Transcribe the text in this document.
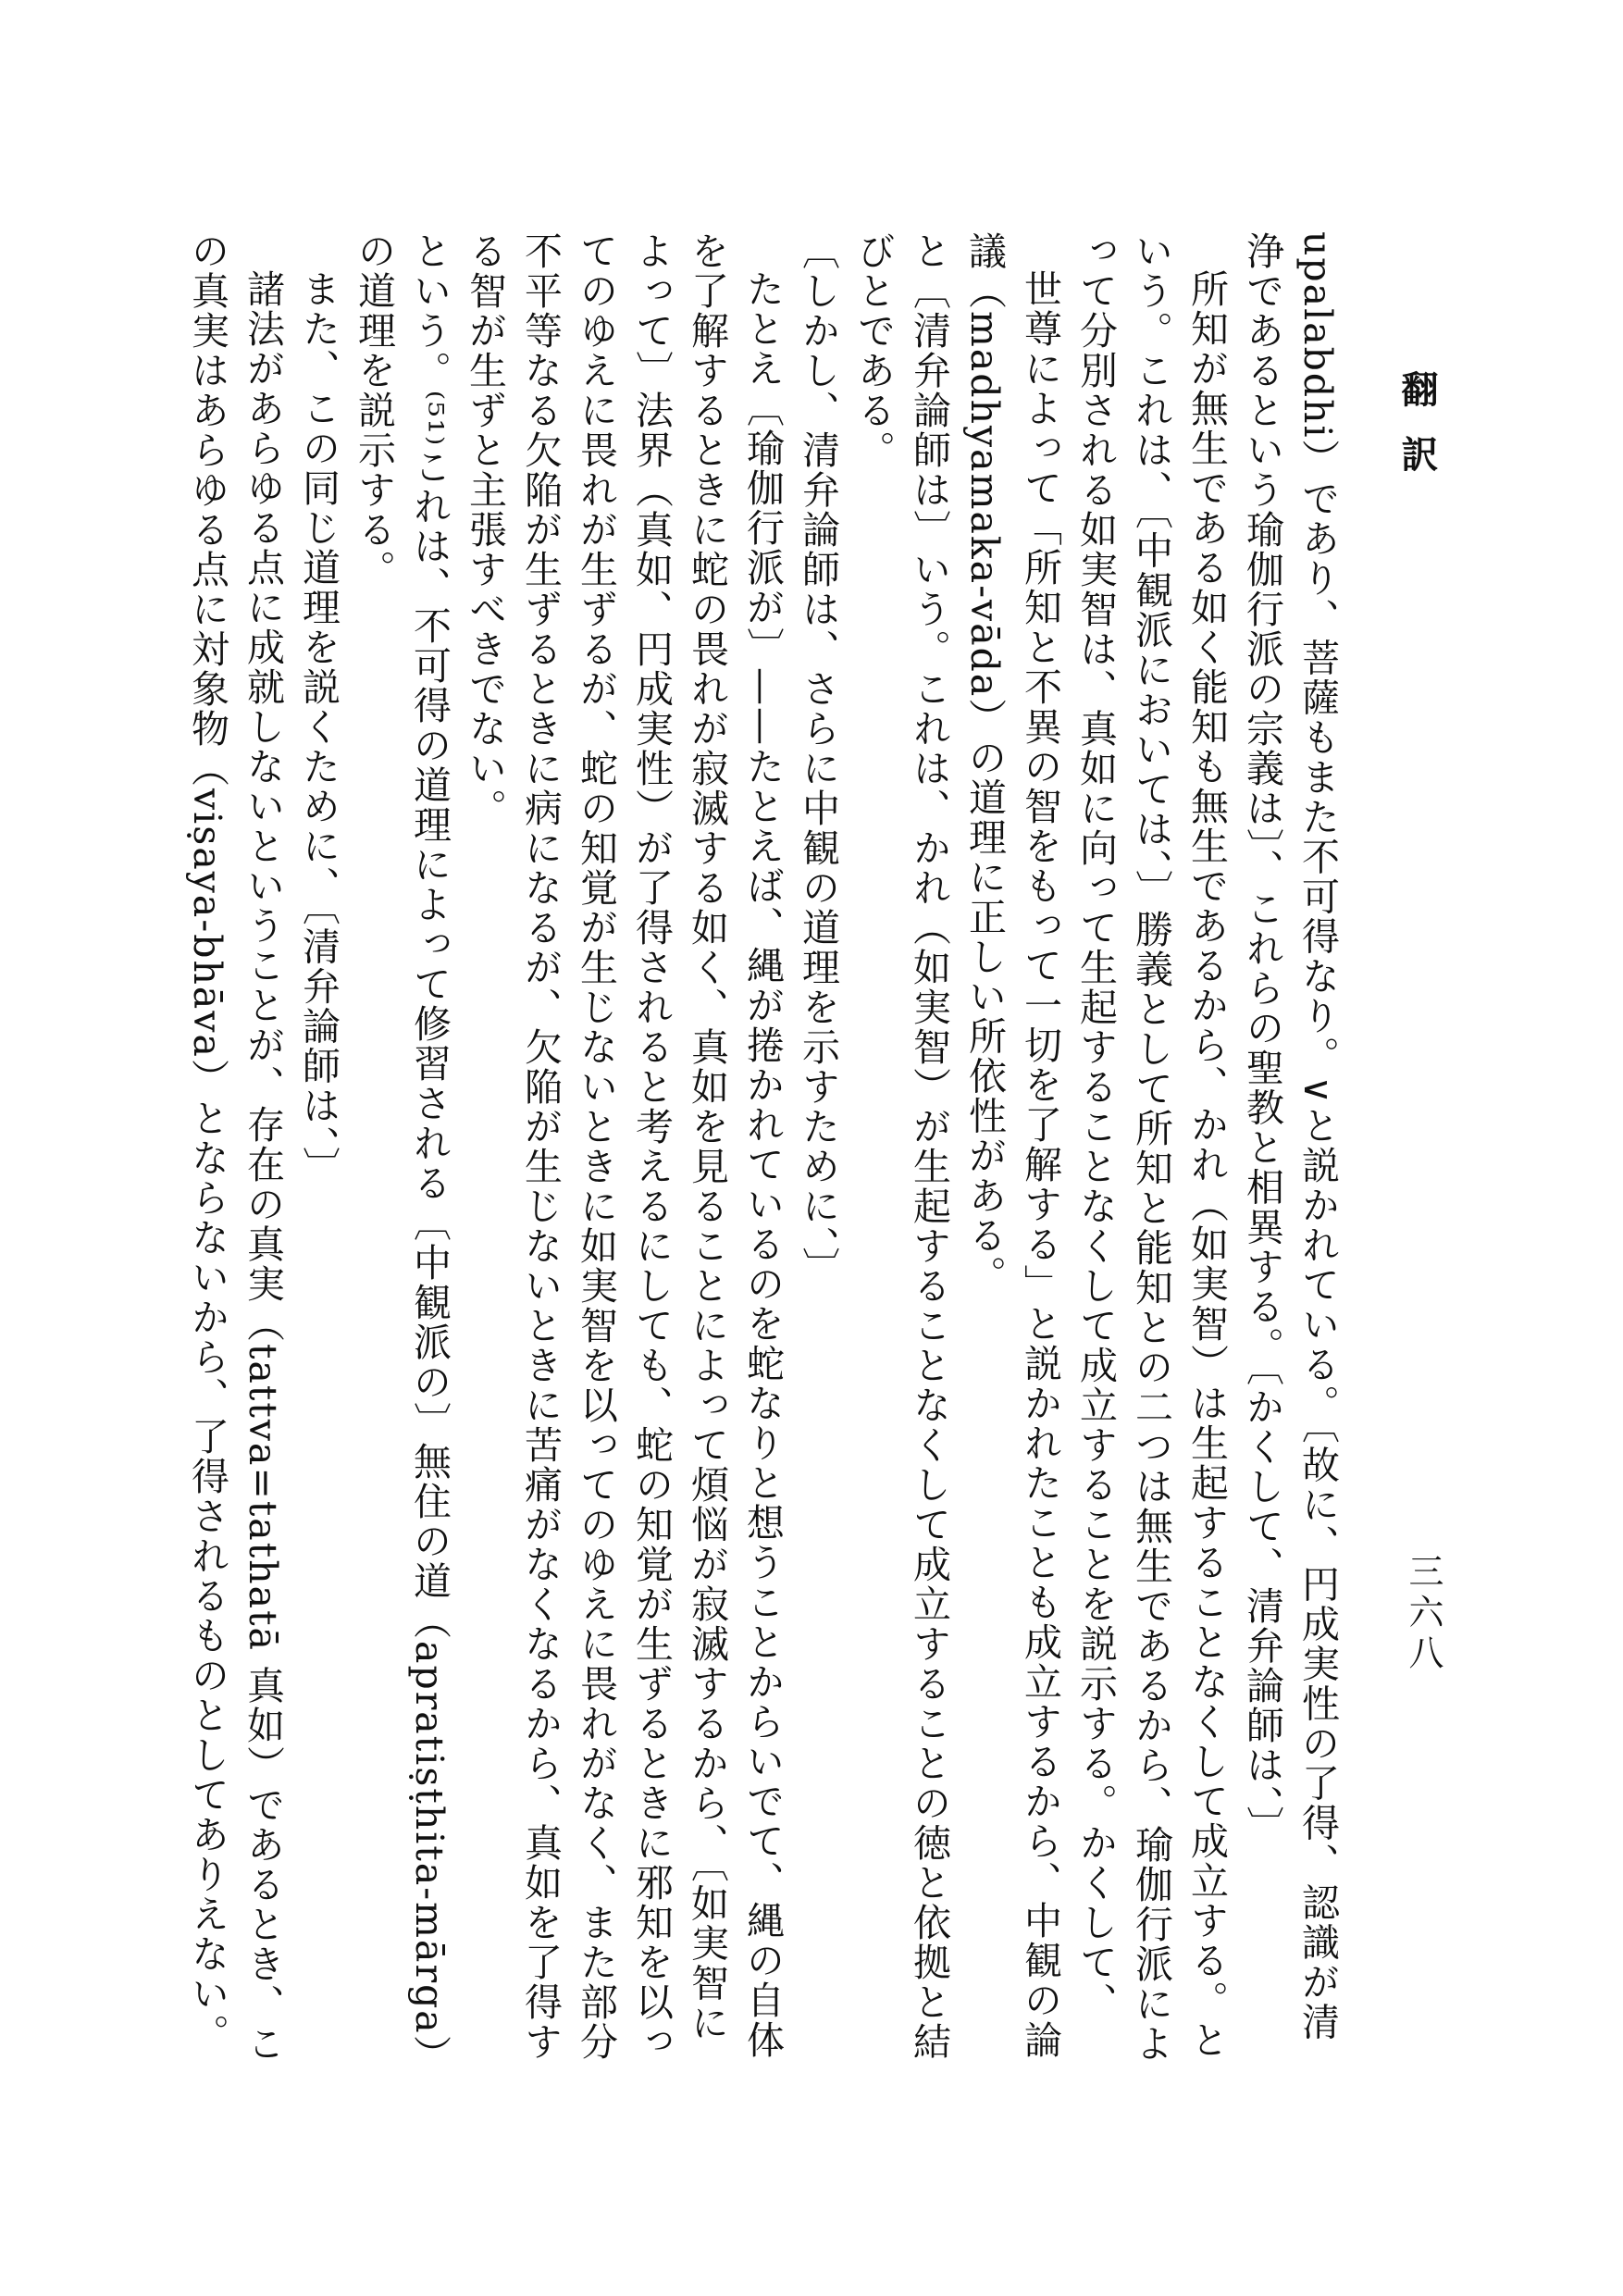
翻訳
三六八

upalabdhi）であり、菩薩もまた不可得なり。∨と説かれている。〔故に、円成実性の了得、認識が清浄であるという瑜伽行派の宗義は〕、これらの聖教と相異する。〔かくして、清弁論師は、〕

所知が無生である如く能知も無生であるから、かれ（如実智）は生起することなくして成立する。という。これは、〔中観派においては、〕勝義として所知と能知との二つは無生であるから、瑜伽行派によって分別される如実智は、真如に向って生起することなくして成立することを説示する。かくして、

世尊によって「所知と不異の智をもって一切を了解する」と説かれたことも成立するから、中観の論議（madhyamaka-vāda）の道理に正しい所依性がある。

と〔清弁論師は〕いう。これは、かれ（如実智）が生起することなくして成立することの徳と依拠と結びとである。

〔しかし、清弁論師は、さらに中観の道理を示すために、〕

たとえ〔瑜伽行派が〕——たとえば、縄が捲かれているのを蛇なりと想うことからいでて、縄の自体を了解するときに蛇の畏れが寂滅する如く、真如を見ることによって煩悩が寂滅するから、〔如実智によって〕法界（真如、円成実性）が了得されると考えるにしても、蛇の知覚が生ずるときに邪知を以ってのゆえに畏れが生ずるが、蛇の知覚が生じないときに如実智を以ってのゆえに畏れがなく、また部分不平等なる欠陥が生ずるときに病になるが、欠陥が生じないときに苦痛がなくなるから、真如を了得する智が生ずと主張すべきでない。

という。⁽⁵¹⁾これは、不可得の道理によって修習される〔中観派の〕無住の道（apratiṣṭhita-mārga）の道理を説示する。

また、この同じ道理を説くために、〔清弁論師は、〕

諸法があらゆる点に成就しないということが、存在の真実（tattva=tathatā 真如）であるとき、この真実はあらゆる点に対象物（viṣaya-bhāva）とならないから、了得されるものとしてありえない。
